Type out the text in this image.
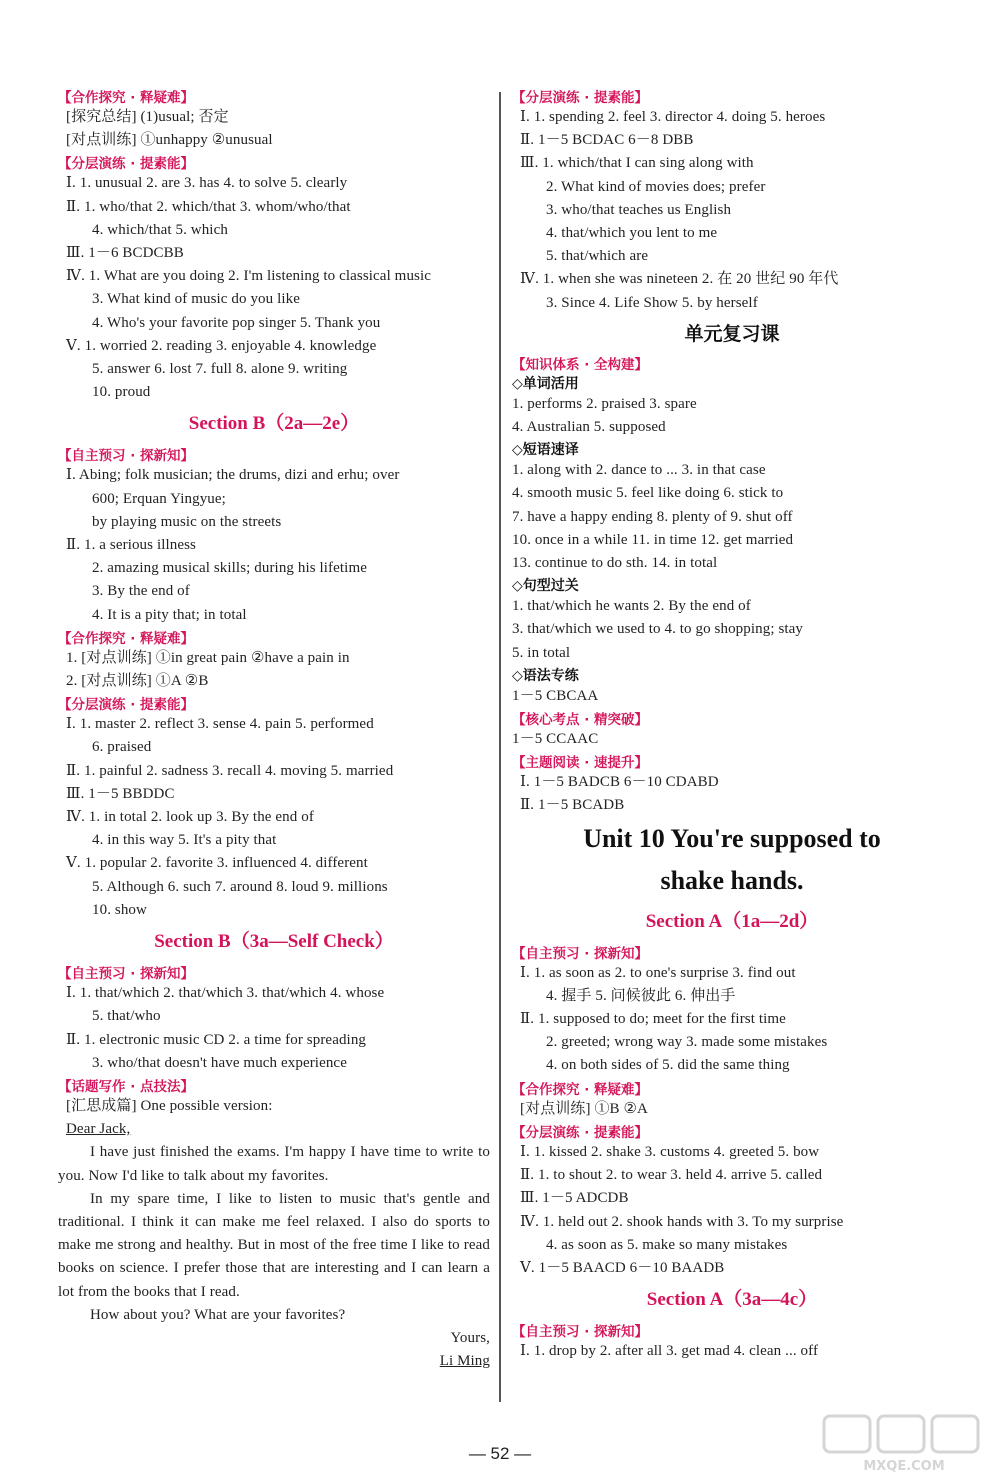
【合作探究 · 释疑难】
[探究总结] (1)usual; 否定
[对点训练] ①unhappy ②unusual
【分层演练 · 提素能】
Ⅰ. 1. unusual 2. are 3. has 4. to solve 5. clearly
Ⅱ. 1. who/that 2. which/that 3. whom/who/that
4. which/that 5. which
Ⅲ. 1－6 BCDCBB
Ⅳ. 1. What are you doing 2. I'm listening to classical music
3. What kind of music do you like
4. Who's your favorite pop singer 5. Thank you
Ⅴ. 1. worried 2. reading 3. enjoyable 4. knowledge
5. answer 6. lost 7. full 8. alone 9. writing
10. proud
Section B（2a—2e）
【自主预习 · 探新知】
Ⅰ. Abing; folk musician; the drums, dizi and erhu; over
600; Erquan Yingyue;
by playing music on the streets
Ⅱ. 1. a serious illness
2. amazing musical skills; during his lifetime
3. By the end of
4. It is a pity that; in total
【合作探究 · 释疑难】
1. [对点训练] ①in great pain ②have a pain in
2. [对点训练] ①A ②B
【分层演练 · 提素能】
Ⅰ. 1. master 2. reflect 3. sense 4. pain 5. performed
6. praised
Ⅱ. 1. painful 2. sadness 3. recall 4. moving 5. married
Ⅲ. 1－5 BBDDC
Ⅳ. 1. in total 2. look up 3. By the end of
4. in this way 5. It's a pity that
Ⅴ. 1. popular 2. favorite 3. influenced 4. different
5. Although 6. such 7. around 8. loud 9. millions
10. show
Section B（3a—Self Check）
【自主预习 · 探新知】
Ⅰ. 1. that/which 2. that/which 3. that/which 4. whose
5. that/who
Ⅱ. 1. electronic music CD 2. a time for spreading
3. who/that doesn't have much experience
【话题写作 · 点技法】
[汇思成篇] One possible version:
Dear Jack,
I have just finished the exams. I'm happy I have time to write to you. Now I'd like to talk about my favorites.
In my spare time, I like to listen to music that's gentle and traditional. I think it can make me feel relaxed. I also do sports to make me strong and healthy. But in most of the free time I like to read books on science. I prefer those that are interesting and I can learn a lot from the books that I read.
How about you? What are your favorites?
Yours,
Li Ming
【分层演练 · 提素能】
Ⅰ. 1. spending 2. feel 3. director 4. doing 5. heroes
Ⅱ. 1－5 BCDAC 6－8 DBB
Ⅲ. 1. which/that I can sing along with
2. What kind of movies does; prefer
3. who/that teaches us English
4. that/which you lent to me
5. that/which are
Ⅳ. 1. when she was nineteen 2. 在 20 世纪 90 年代
3. Since 4. Life Show 5. by herself
单元复习课
【知识体系 · 全构建】
◇单词活用
1. performs 2. praised 3. spare
4. Australian 5. supposed
◇短语速译
1. along with 2. dance to ... 3. in that case
4. smooth music 5. feel like doing 6. stick to
7. have a happy ending 8. plenty of 9. shut off
10. once in a while 11. in time 12. get married
13. continue to do sth. 14. in total
◇句型过关
1. that/which he wants 2. By the end of
3. that/which we used to 4. to go shopping; stay
5. in total
◇语法专练
1－5 CBCAA
【核心考点 · 精突破】
1－5 CCAAC
【主题阅读 · 速提升】
Ⅰ. 1－5 BADCB 6－10 CDABD
Ⅱ. 1－5 BCADB
Unit 10 You're supposed to
shake hands.
Section A（1a—2d）
【自主预习 · 探新知】
Ⅰ. 1. as soon as 2. to one's surprise 3. find out
4. 握手 5. 问候彼此 6. 伸出手
Ⅱ. 1. supposed to do; meet for the first time
2. greeted; wrong way 3. made some mistakes
4. on both sides of 5. did the same thing
【合作探究 · 释疑难】
[对点训练] ①B ②A
【分层演练 · 提素能】
Ⅰ. 1. kissed 2. shake 3. customs 4. greeted 5. bow
Ⅱ. 1. to shout 2. to wear 3. held 4. arrive 5. called
Ⅲ. 1－5 ADCDB
Ⅳ. 1. held out 2. shook hands with 3. To my surprise
4. as soon as 5. make so many mistakes
Ⅴ. 1－5 BAACD 6－10 BAADB
Section A（3a—4c）
【自主预习 · 探新知】
Ⅰ. 1. drop by 2. after all 3. get mad 4. clean ... off
— 52 —
MXQE.COM
